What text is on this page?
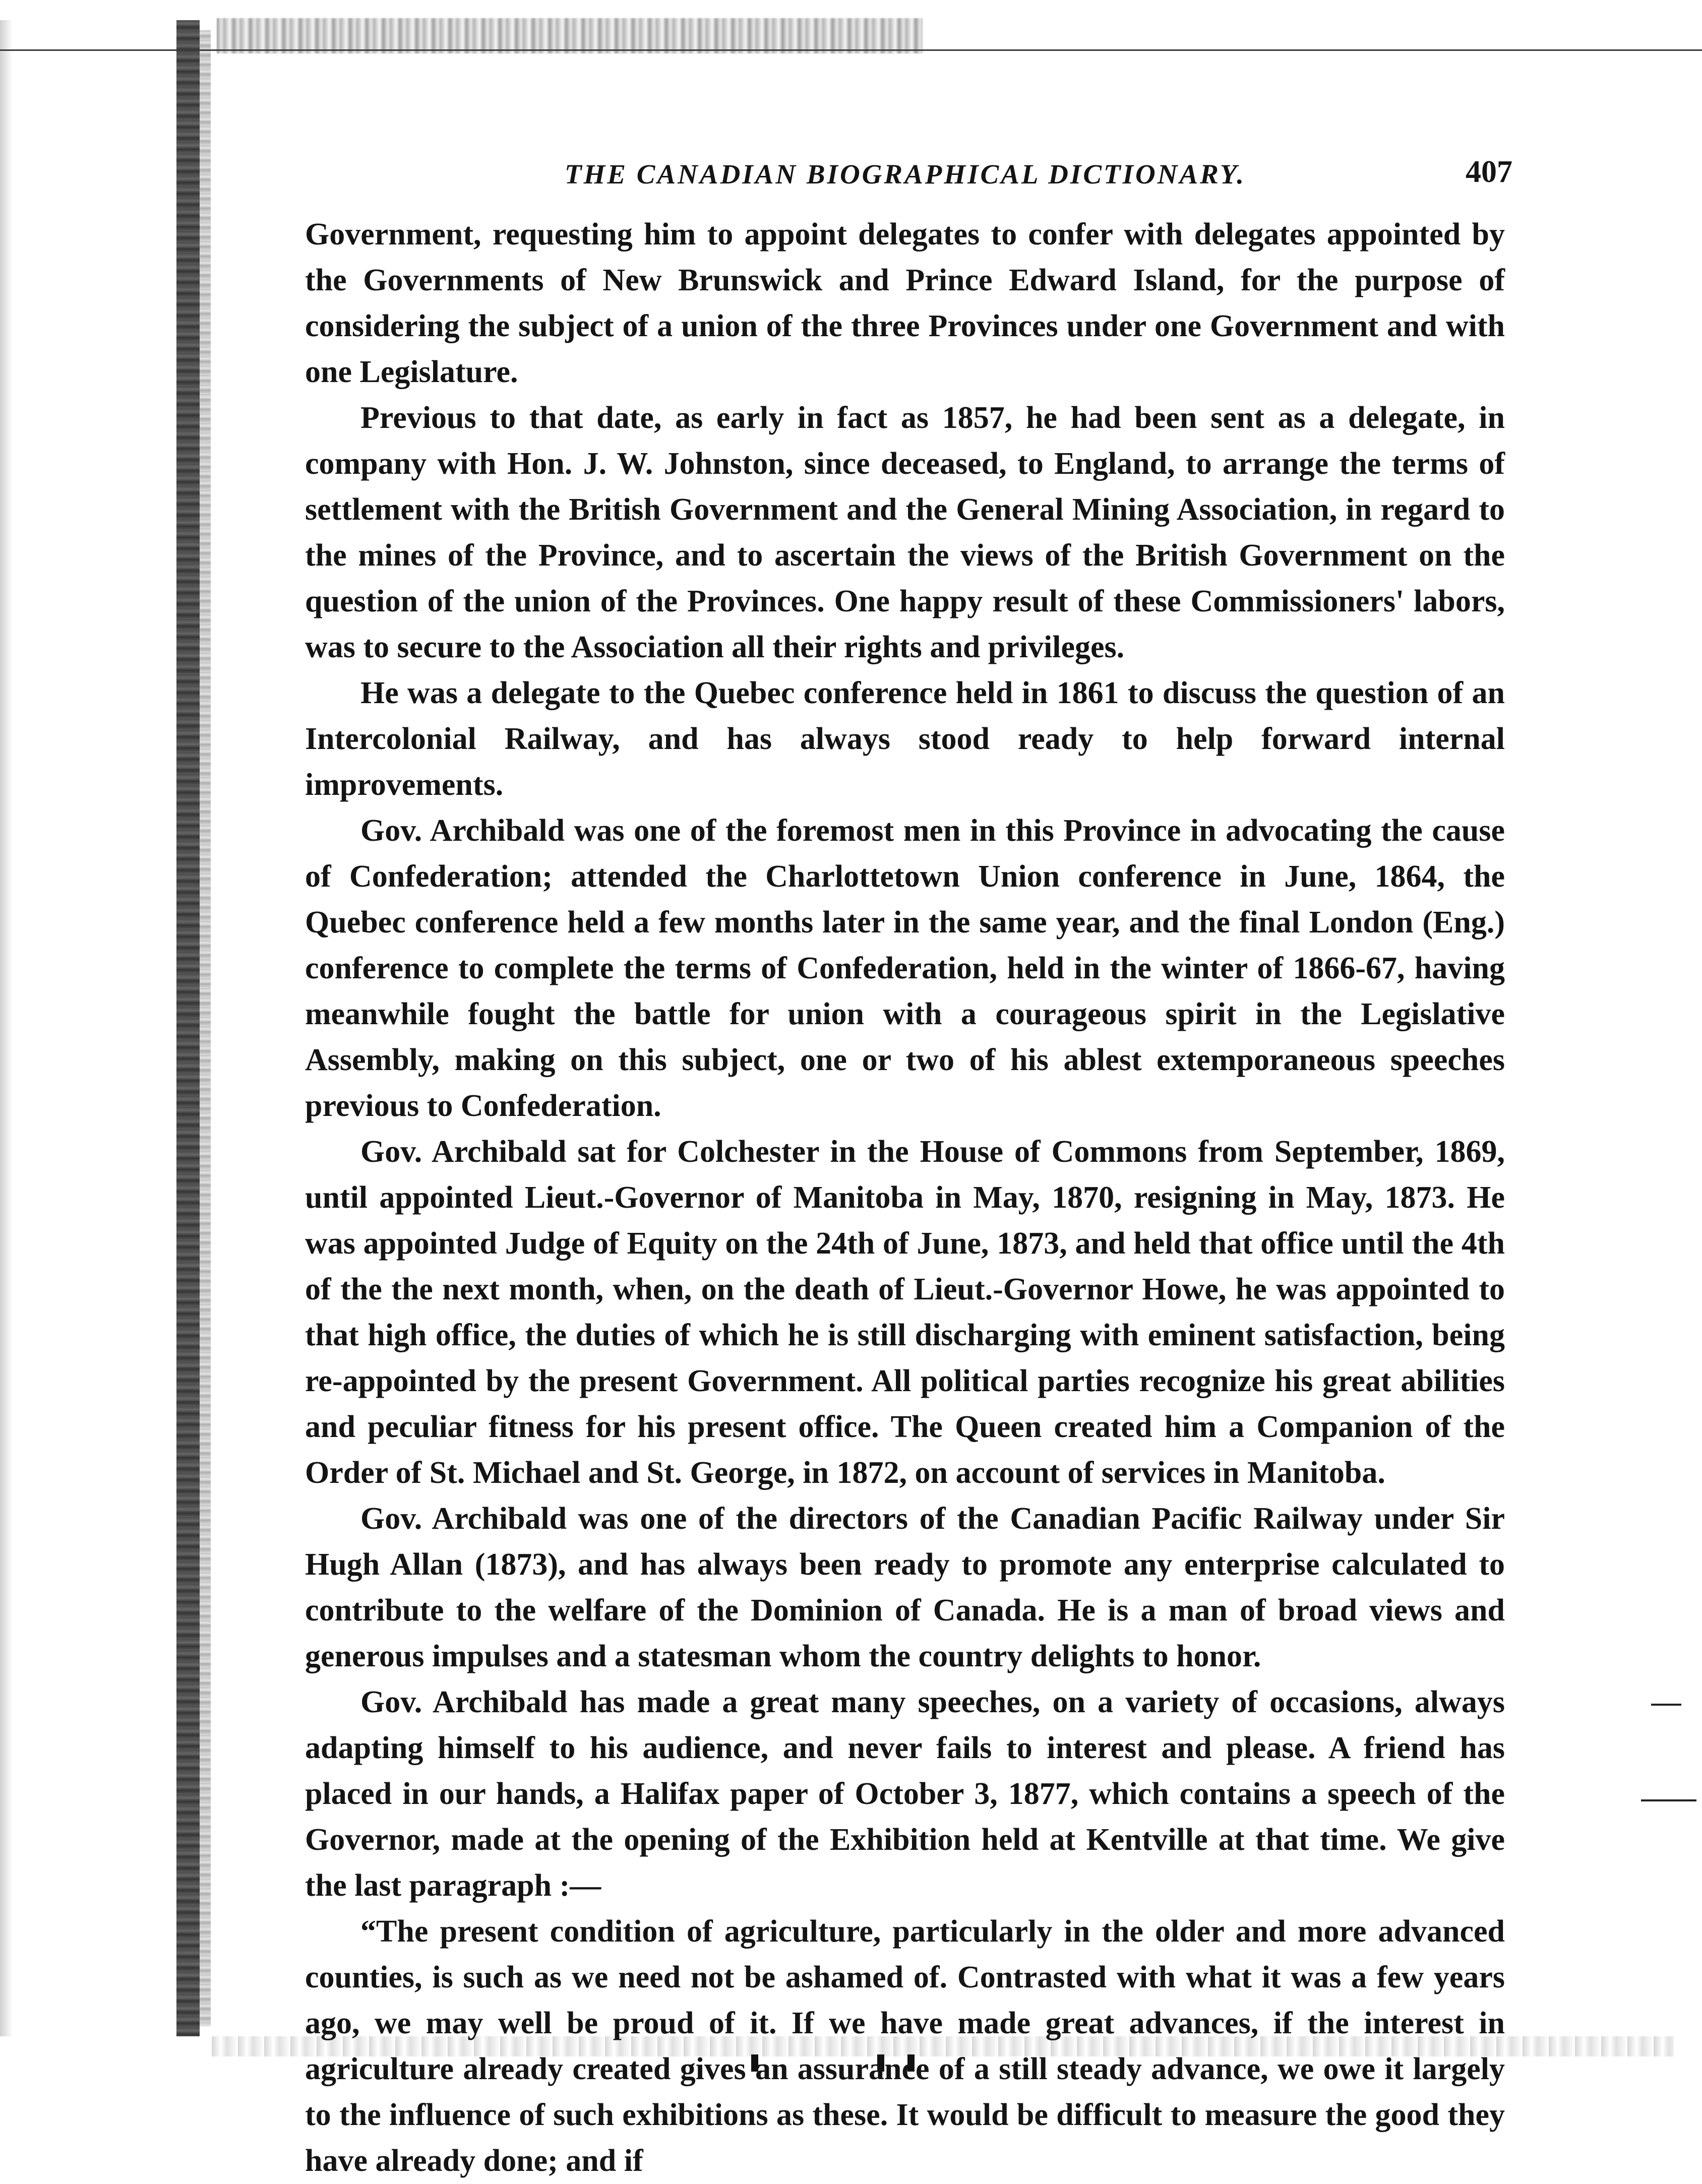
THE CANADIAN BIOGRAPHICAL DICTIONARY.	407

Government, requesting him to appoint delegates to confer with delegates appointed by the Governments of New Brunswick and Prince Edward Island, for the purpose of considering the subject of a union of the three Provinces under one Government and with one Legislature.

Previous to that date, as early in fact as 1857, he had been sent as a delegate, in company with Hon. J. W. Johnston, since deceased, to England, to arrange the terms of settlement with the British Government and the General Mining Association, in regard to the mines of the Province, and to ascertain the views of the British Government on the question of the union of the Provinces. One happy result of these Commissioners' labors, was to secure to the Association all their rights and privileges.

He was a delegate to the Quebec conference held in 1861 to discuss the question of an Intercolonial Railway, and has always stood ready to help forward internal improvements.

Gov. Archibald was one of the foremost men in this Province in advocating the cause of Confederation; attended the Charlottetown Union conference in June, 1864, the Quebec conference held a few months later in the same year, and the final London (Eng.) conference to complete the terms of Confederation, held in the winter of 1866-67, having meanwhile fought the battle for union with a courageous spirit in the Legislative Assembly, making on this subject, one or two of his ablest extemporaneous speeches previous to Confederation.

Gov. Archibald sat for Colchester in the House of Commons from September, 1869, until appointed Lieut.-Governor of Manitoba in May, 1870, resigning in May, 1873. He was appointed Judge of Equity on the 24th of June, 1873, and held that office until the 4th of the the next month, when, on the death of Lieut.-Governor Howe, he was appointed to that high office, the duties of which he is still discharging with eminent satisfaction, being re-appointed by the present Government. All political parties recognize his great abilities and peculiar fitness for his present office. The Queen created him a Companion of the Order of St. Michael and St. George, in 1872, on account of services in Manitoba.

Gov. Archibald was one of the directors of the Canadian Pacific Railway under Sir Hugh Allan (1873), and has always been ready to promote any enterprise calculated to contribute to the welfare of the Dominion of Canada. He is a man of broad views and generous impulses and a statesman whom the country delights to honor.

Gov. Archibald has made a great many speeches, on a variety of occasions, always adapting himself to his audience, and never fails to interest and please. A friend has placed in our hands, a Halifax paper of October 3, 1877, which contains a speech of the Governor, made at the opening of the Exhibition held at Kentville at that time. We give the last paragraph :—

“The present condition of agriculture, particularly in the older and more advanced counties, is such as we need not be ashamed of. Contrasted with what it was a few years ago, we may well be proud of it. If we have made great advances, if the interest in agriculture already created gives an assurance of a still steady advance, we owe it largely to the influence of such exhibitions as these. It would be difficult to measure the good they have already done; and if
